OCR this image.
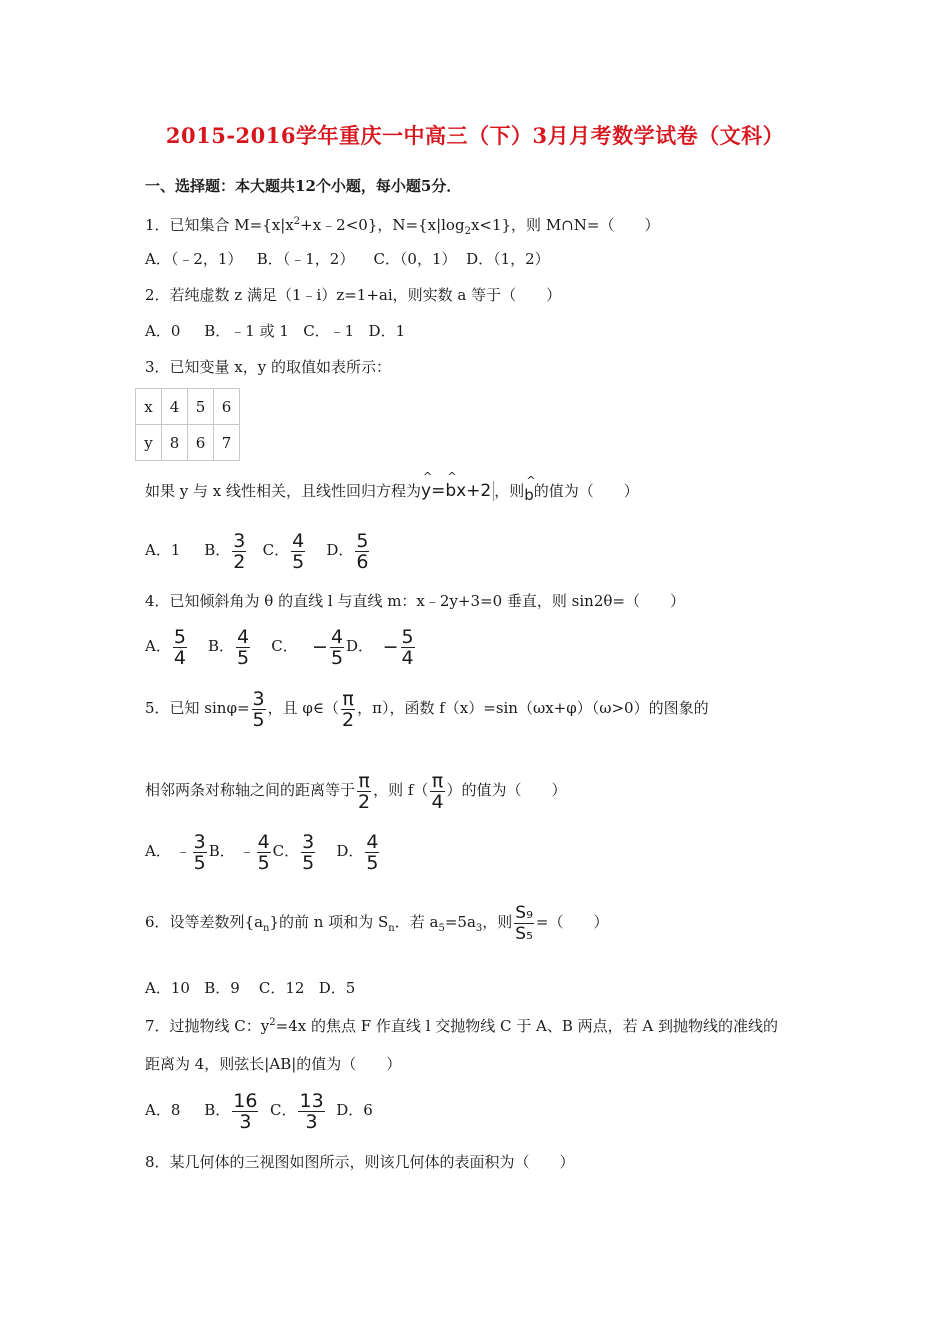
2015-2016学年重庆一中高三（下）3月月考数学试卷（文科）
一、选择题：本大题共12个小题，每小题5分．
1．已知集合 $M=\{x|x^2+x﹣2<0\}$，$N=\{x|\log_2x<1\}$，则 M∩N=（　　）
A．（﹣2，1） B．（﹣1，2） C．（0，1） D．（1，2）
2．若纯虚数 z 满足（1﹣i）z=1+ai，则实数 a 等于（　　）
A．0 B．﹣1 或 1 C．﹣1 D．1
3．已知变量 x，y 的取值如表所示：
x	4	5	6
y	8	6	7
如果 y 与 x 线性相关，且线性回归方程为^ y=^ bx+2 ，则^ b的值为（　　）
A．1 B． $\frac{3}{2}$ C． $\frac{4}{5}$ D． $\frac{5}{6}$
4．已知倾斜角为 θ 的直线 l 与直线 m：x﹣2y+3=0 垂直，则 sin2θ=（　　）
A． $\frac{5}{4}$ B． $\frac{4}{5}$ C． − $\frac{4}{5}$ D． − $\frac{5}{4}$
5．已知 $\sin\varphi= \frac{3}{5}$ ，且 φ∈（ $\frac{\pi}{2}$ ，π），函数 f（x）=sin（ωx+φ）（ω>0）的图象的
相邻两条对称轴之间的距离等于 $\frac{\pi}{2}$ ，则 $f( \frac{\pi}{4}$ ）的值为（　　）
A． ﹣ $\frac{3}{5}$ B． ﹣ $\frac{4}{5}$ C． $\frac{3}{5}$ D． $\frac{4}{5}$
6．设等差数列$\{a_n\}$的前 n 项和为 $S_n$．若 $a_5=5a_3$，则 $\frac{\text{S₉}}{\text{S₅}}$ =（　　）
A．10 B．9 C．12 D．5
7．过抛物线 C：$y^2=4x$ 的焦点 F 作直线 l 交抛物线 C 于 A、B 两点，若 A 到抛物线的准线的
距离为 4，则弦长|AB|的值为（　　）
A．8 B． $\frac{16}{3}$ C． $\frac{13}{3}$ D．6
8．某几何体的三视图如图所示，则该几何体的表面积为（　　）
